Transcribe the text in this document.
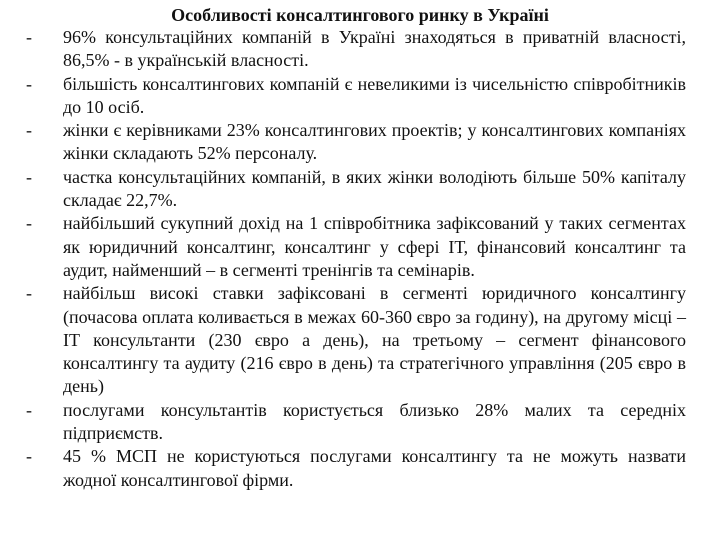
Особливості консалтингового ринку в Україні
- 96% консультаційних компаній в Україні знаходяться в приватній власності, 86,5% - в українській власності.
- більшість консалтингових компаній є невеликими із чисельністю співробітників до 10 осіб.
- жінки є керівниками 23% консалтингових проектів; у консалтингових компаніях жінки складають 52% персоналу.
- частка консультаційних компаній, в яких жінки володіють більше 50% капіталу складає 22,7%.
- найбільший сукупний дохід на 1 співробітника зафіксований у таких сегментах як юридичний консалтинг, консалтинг у сфері ІТ, фінансовий консалтинг та аудит, найменший – в сегменті тренінгів та семінарів.
- найбільш високі ставки зафіксовані в сегменті юридичного консалтингу (почасова оплата коливається в межах 60-360 євро за годину), на другому місці – ІТ консультанти (230 євро а день), на третьому – сегмент фінансового консалтингу та аудиту (216 євро в день) та стратегічного управління (205 євро в день)
- послугами консультантів користується близько 28% малих та середніх підприємств.
- 45 % МСП не користуються послугами консалтингу та не можуть назвати жодної консалтингової фірми.
